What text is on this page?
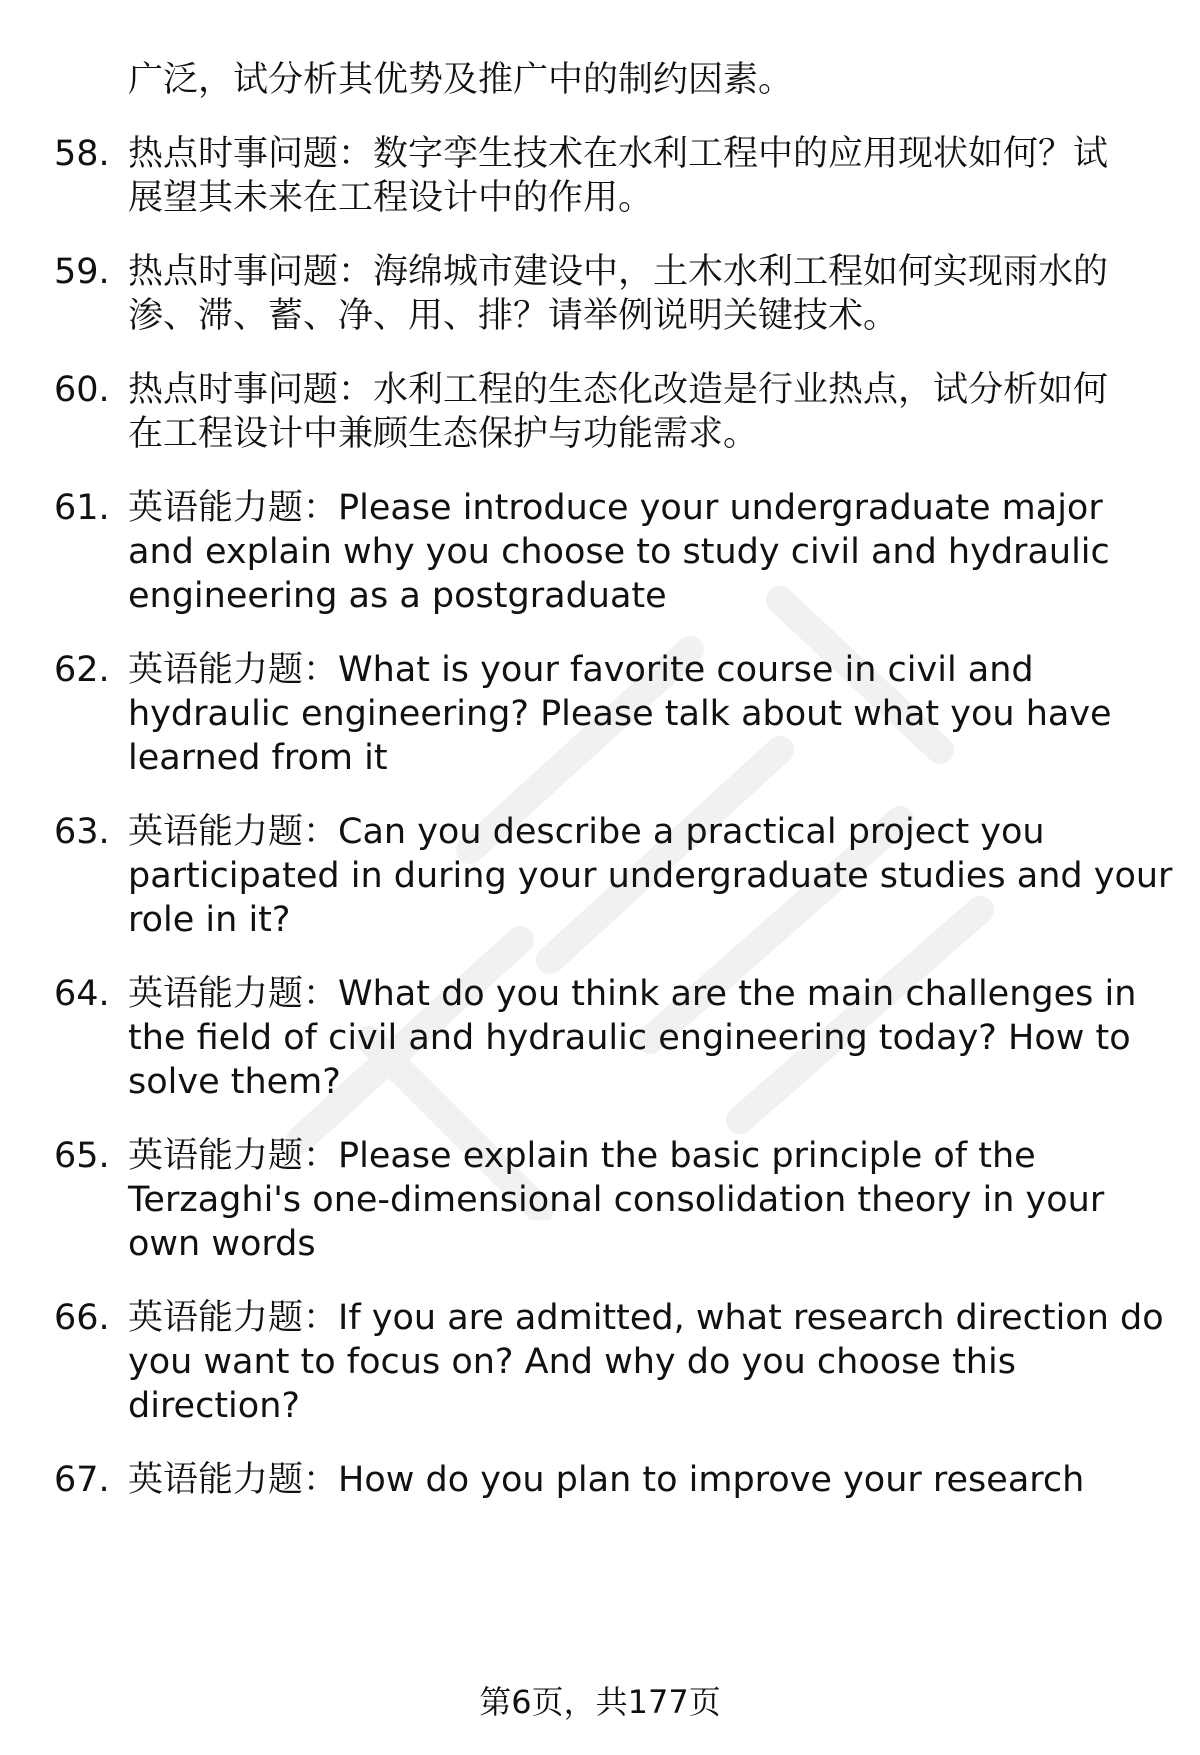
广泛，试分析其优势及推广中的制约因素。
58. 热点时事问题：数字孪生技术在水利工程中的应用现状如何？试
展望其未来在工程设计中的作用。
59. 热点时事问题：海绵城市建设中，土木水利工程如何实现雨水的
渗、滞、蓄、净、用、排？请举例说明关键技术。
60. 热点时事问题：水利工程的生态化改造是行业热点，试分析如何
在工程设计中兼顾生态保护与功能需求。
61. 英语能力题：Please introduce your undergraduate major
and explain why you choose to study civil and hydraulic
engineering as a postgraduate
62. 英语能力题：What is your favorite course in civil and
hydraulic engineering? Please talk about what you have
learned from it
63. 英语能力题：Can you describe a practical project you
participated in during your undergraduate studies and your
role in it?
64. 英语能力题：What do you think are the main challenges in
the field of civil and hydraulic engineering today? How to
solve them?
65. 英语能力题：Please explain the basic principle of the
Terzaghi's one-dimensional consolidation theory in your
own words
66. 英语能力题：If you are admitted, what research direction do
you want to focus on? And why do you choose this
direction?
67. 英语能力题：How do you plan to improve your research
第6页，共177页
